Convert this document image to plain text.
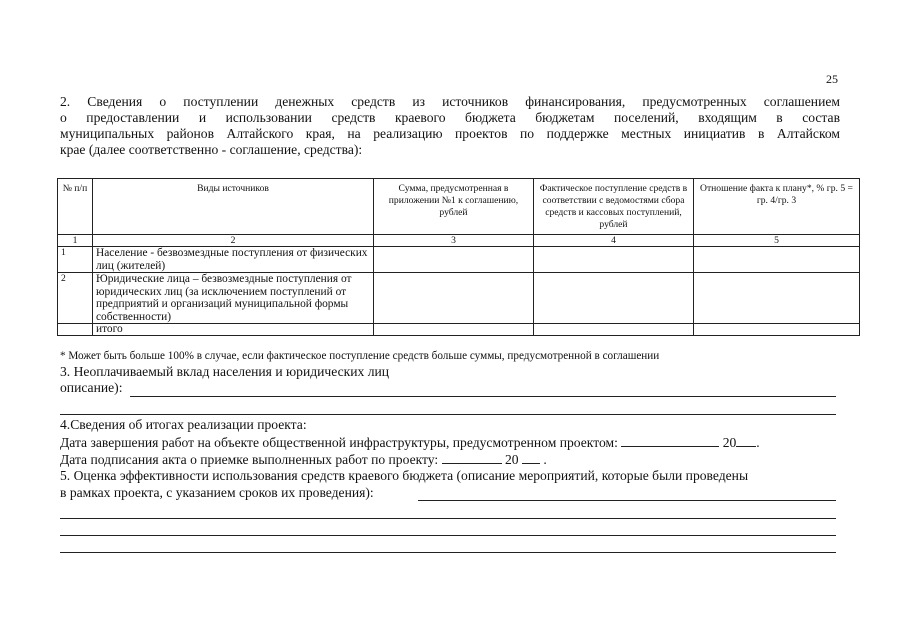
25
2. Сведения о поступлении денежных средств из источников финансирования, предусмотренных соглашением
о предоставлении и использовании средств краевого бюджета бюджетам поселений, входящим в состав
муниципальных районов Алтайского края, на реализацию проектов по поддержке местных инициатив в Алтайском
крае (далее соответственно - соглашение, средства):
№ п/п	Виды источников	Сумма, предусмотренная в приложении №1 к соглашению, рублей	Фактическое поступление средств в соответствии с ведомостями сбора средств и кассовых поступлений, рублей	Отношение факта к плану*, % гр. 5 = гр. 4/гр. 3
1	2	3	4	5
1	Население - безвозмездные поступления от физических лиц (жителей)			
2	Юридические лица – безвозмездные поступления от юридических лиц (за исключением поступлений от предприятий и организаций муниципальной формы собственности)			
	итого			
* Может быть больше 100% в случае, если фактическое поступление средств больше суммы, предусмотренной в соглашении
3. Неоплачиваемый вклад населения и юридических лиц
описание):
4.Сведения об итогах реализации проекта:
Дата завершения работ на объекте общественной инфраструктуры, предусмотренном проектом:	20 .
Дата подписания акта о приемке выполненных работ по проекту:	20  .
5. Оценка эффективности использования средств краевого бюджета (описание мероприятий, которые были проведены
в рамках проекта, с указанием сроков их проведения):
